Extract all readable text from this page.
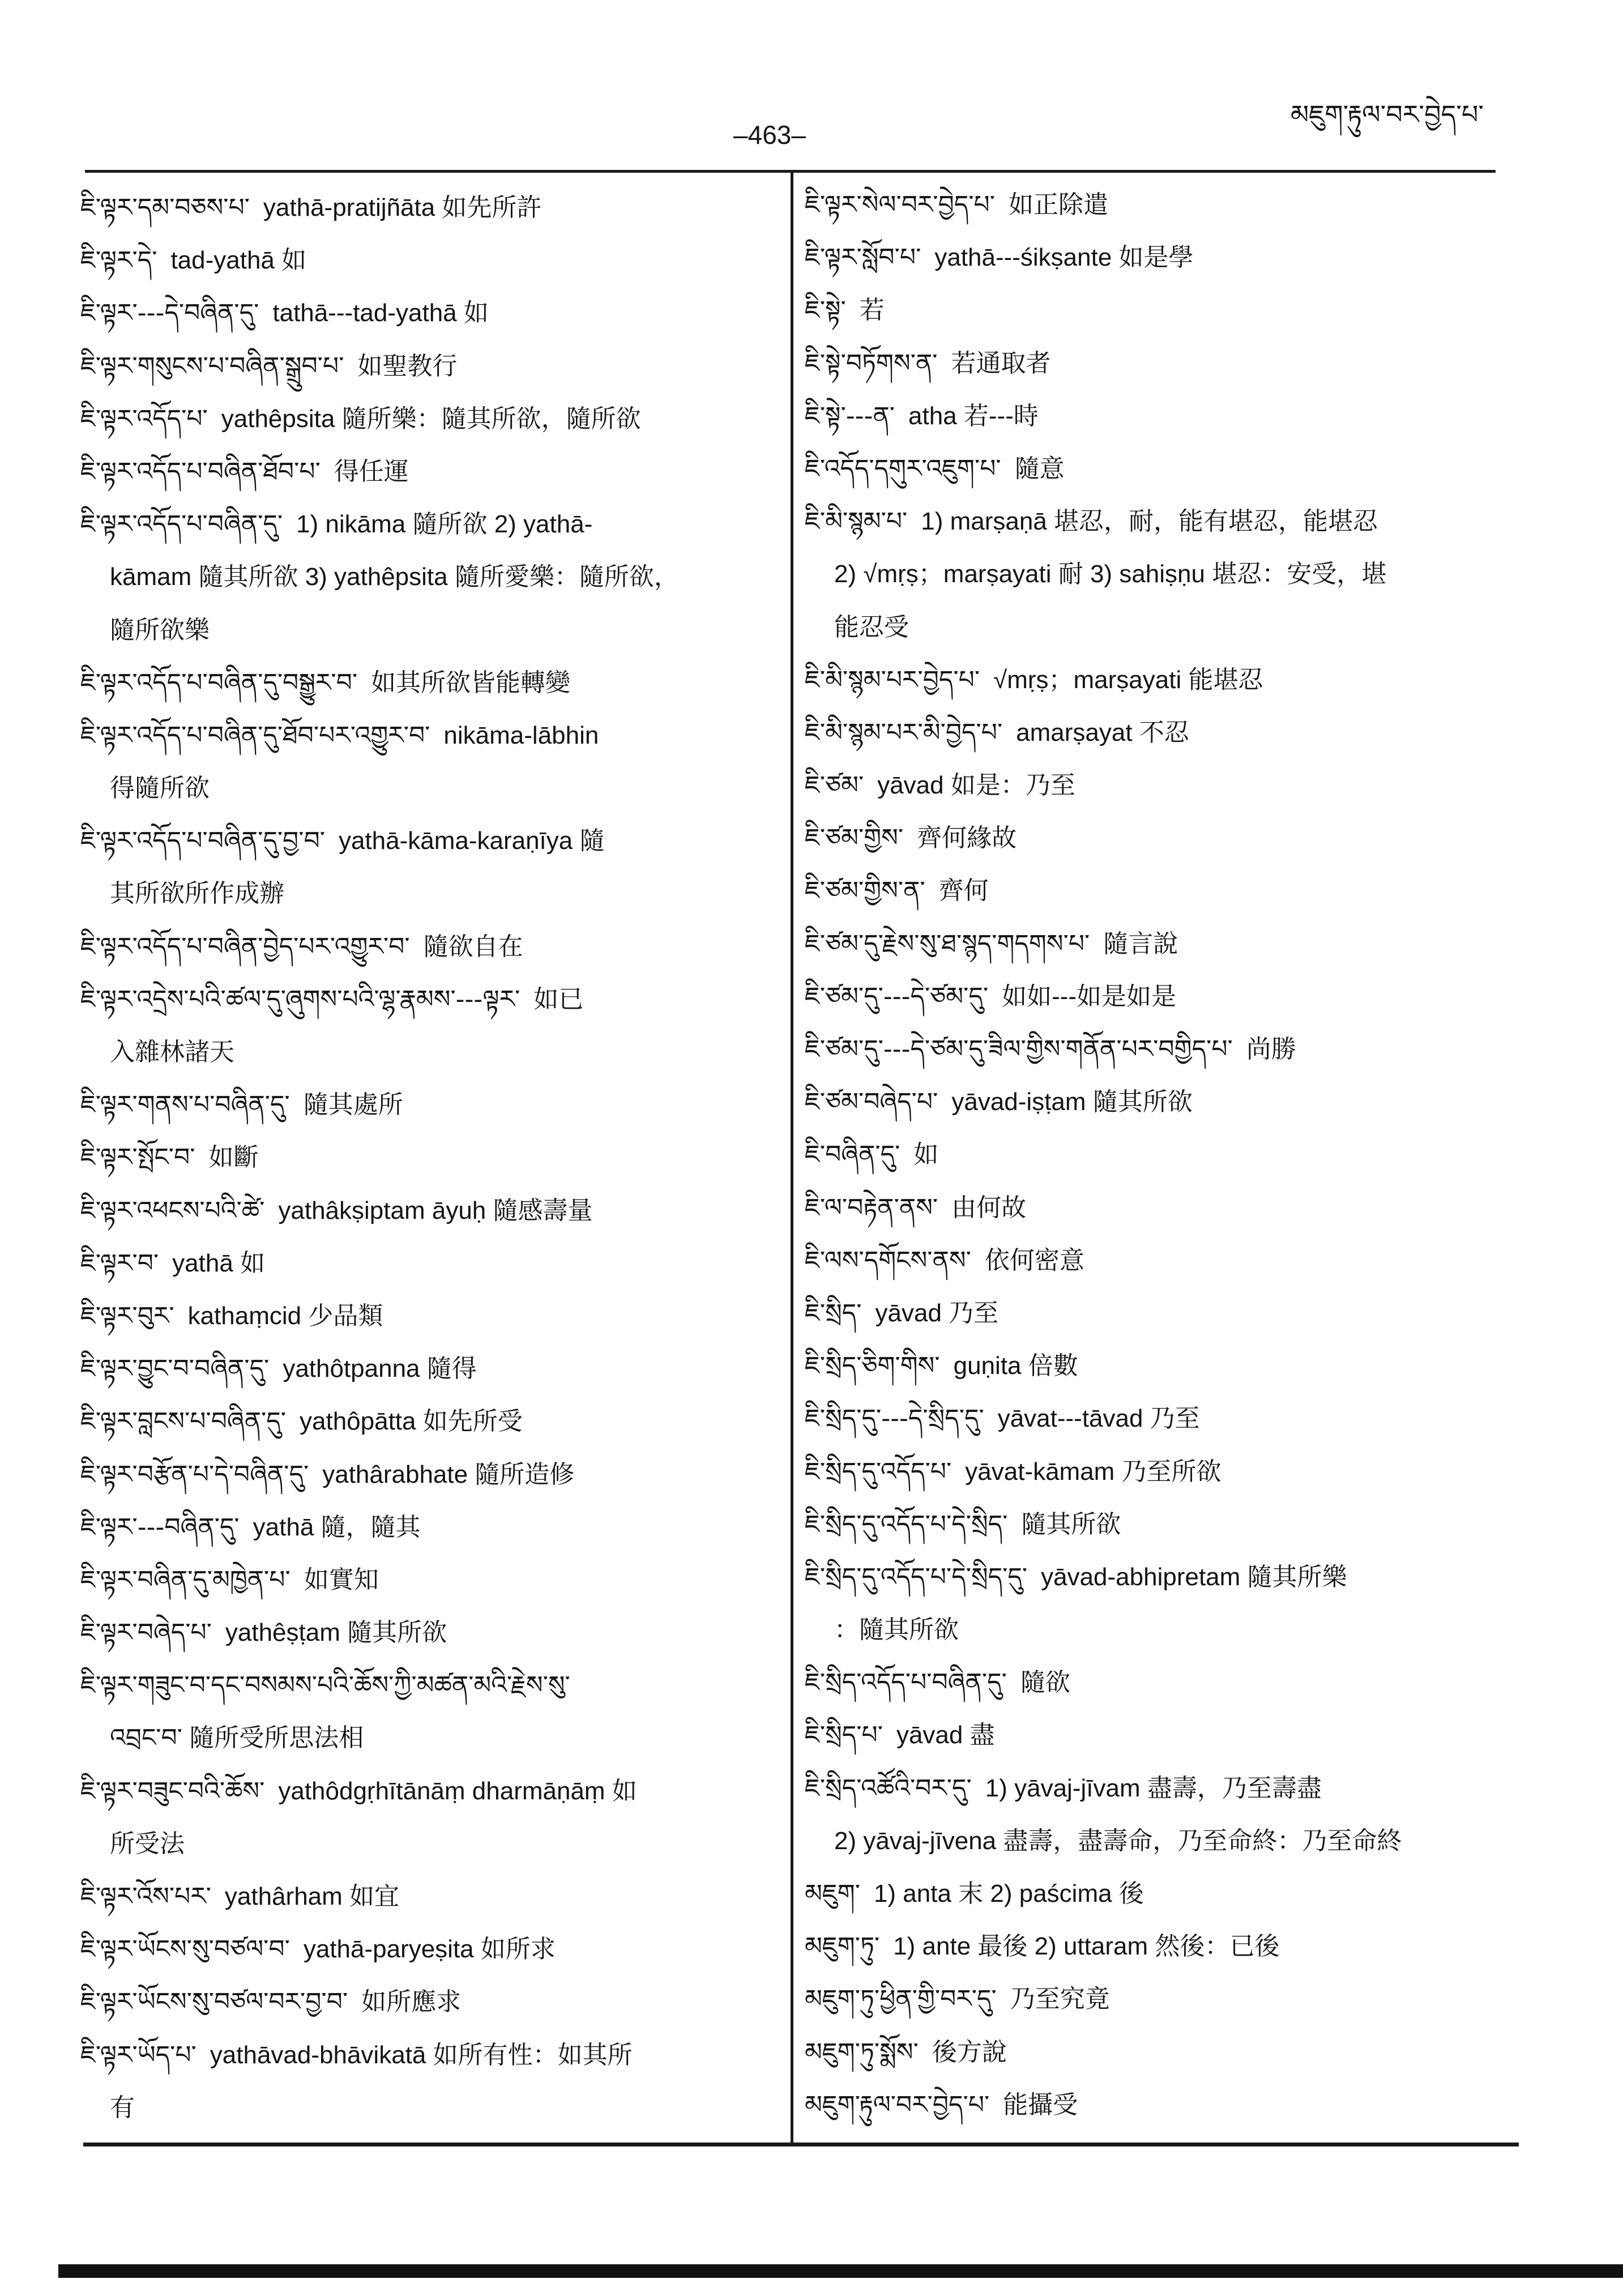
–463–
མཇུག་རྟུལ་བར་བྱེད་པ་
ཇི་ལྟར་དམ་བཅས་པ་ yathā-pratijñāta 如先所許
ཇི་ལྟར་དེ་ tad-yathā 如
ཇི་ལྟར་---དེ་བཞིན་དུ་ tathā---tad-yathā 如
ཇི་ལྟར་གསུངས་པ་བཞིན་སྒྲུབ་པ་ 如聖教行
ཇི་ལྟར་འདོད་པ་ yathêpsita 隨所樂：隨其所欲，隨所欲
ཇི་ལྟར་འདོད་པ་བཞིན་ཐོབ་པ་ 得任運
ཇི་ལྟར་འདོད་པ་བཞིན་དུ་ 1) nikāma 隨所欲 2) yathā-
kāmam 隨其所欲 3) yathêpsita 隨所愛樂：隨所欲，
隨所欲樂
ཇི་ལྟར་འདོད་པ་བཞིན་དུ་བསྒྱུར་བ་ 如其所欲皆能轉變
ཇི་ལྟར་འདོད་པ་བཞིན་དུ་ཐོབ་པར་འགྱུར་བ་ nikāma-lābhin
得隨所欲
ཇི་ལྟར་འདོད་པ་བཞིན་དུ་བྱ་བ་ yathā-kāma-karaṇīya 隨
其所欲所作成辦
ཇི་ལྟར་འདོད་པ་བཞིན་བྱེད་པར་འགྱུར་བ་ 隨欲自在
ཇི་ལྟར་འདྲེས་པའི་ཚལ་དུ་ཞུགས་པའི་ལྷ་རྣམས་---ལྟར་ 如已
入雜林諸天
ཇི་ལྟར་གནས་པ་བཞིན་དུ་ 隨其處所
ཇི་ལྟར་སྤོང་བ་ 如斷
ཇི་ལྟར་འཕངས་པའི་ཚེ་ yathâkṣiptam āyuḥ 隨感壽量
ཇི་ལྟར་བ་ yathā 如
ཇི་ལྟར་བུར་ kathaṃcid 少品類
ཇི་ལྟར་བྱུང་བ་བཞིན་དུ་ yathôtpanna 隨得
ཇི་ལྟར་བླངས་པ་བཞིན་དུ་ yathôpātta 如先所受
ཇི་ལྟར་བརྩོན་པ་དེ་བཞིན་དུ་ yathârabhate 隨所造修
ཇི་ལྟར་---བཞིན་དུ་ yathā 隨，隨其
ཇི་ལྟར་བཞིན་དུ་མཁྱེན་པ་ 如實知
ཇི་ལྟར་བཞེད་པ་ yathêṣṭam 隨其所欲
ཇི་ལྟར་གཟུང་བ་དང་བསམས་པའི་ཆོས་ཀྱི་མཚན་མའི་རྗེས་སུ་
འབྲང་བ་ 隨所受所思法相
ཇི་ལྟར་བཟུང་བའི་ཆོས་ yathôdgṛhītānāṃ dharmāṇāṃ 如
所受法
ཇི་ལྟར་འོས་པར་ yathârham 如宜
ཇི་ལྟར་ཡོངས་སུ་བཙལ་བ་ yathā-paryeṣita 如所求
ཇི་ལྟར་ཡོངས་སུ་བཙལ་བར་བྱ་བ་ 如所應求
ཇི་ལྟར་ཡོད་པ་ yathāvad-bhāvikatā 如所有性：如其所
有
ཇི་ལྟར་སེལ་བར་བྱེད་པ་ 如正除遣
ཇི་ལྟར་སློབ་པ་ yathā---śikṣante 如是學
ཇི་སྟེ་ 若
ཇི་སྟེ་བཏོགས་ན་ 若通取者
ཇི་སྟེ་---ན་ atha 若---時
ཇི་འདོད་དགུར་འཇུག་པ་ 隨意
ཇི་མི་སྙམ་པ་ 1) marṣaṇā 堪忍，耐，能有堪忍，能堪忍
2) √mṛṣ；marṣayati 耐 3) sahiṣṇu 堪忍：安受，堪
能忍受
ཇི་མི་སྙམ་པར་བྱེད་པ་ √mṛṣ；marṣayati 能堪忍
ཇི་མི་སྙམ་པར་མི་བྱེད་པ་ amarṣayat 不忍
ཇི་ཙམ་ yāvad 如是：乃至
ཇི་ཙམ་གྱིས་ 齊何緣故
ཇི་ཙམ་གྱིས་ན་ 齊何
ཇི་ཙམ་དུ་རྗེས་སུ་ཐ་སྙད་གདགས་པ་ 隨言說
ཇི་ཙམ་དུ་---དེ་ཙམ་དུ་ 如如---如是如是
ཇི་ཙམ་དུ་---དེ་ཙམ་དུ་ཟིལ་གྱིས་གནོན་པར་བགྱིད་པ་ 尚勝
ཇི་ཙམ་བཞེད་པ་ yāvad-iṣṭam 隨其所欲
ཇི་བཞིན་དུ་ 如
ཇི་ལ་བརྟེན་ནས་ 由何故
ཇི་ལས་དགོངས་ནས་ 依何密意
ཇི་སྲིད་ yāvad 乃至
ཇི་སྲིད་ཅིག་གིས་ guṇita 倍數
ཇི་སྲིད་དུ་---དེ་སྲིད་དུ་ yāvat---tāvad 乃至
ཇི་སྲིད་དུ་འདོད་པ་ yāvat-kāmam 乃至所欲
ཇི་སྲིད་དུ་འདོད་པ་དེ་སྲིད་ 隨其所欲
ཇི་སྲིད་དུ་འདོད་པ་དེ་སྲིད་དུ་ yāvad-abhipretam 隨其所樂
：隨其所欲
ཇི་སྲིད་འདོད་པ་བཞིན་དུ་ 隨欲
ཇི་སྲིད་པ་ yāvad 盡
ཇི་སྲིད་འཚོའི་བར་དུ་ 1) yāvaj-jīvam 盡壽，乃至壽盡
2) yāvaj-jīvena 盡壽，盡壽命，乃至命終：乃至命終
མཇུག་ 1) anta 末 2) paścima 後
མཇུག་ཏུ་ 1) ante 最後 2) uttaram 然後：已後
མཇུག་ཏུ་ཕྱིན་གྱི་བར་དུ་ 乃至究竟
མཇུག་ཏུ་སྨོས་ 後方說
མཇུག་རྟུལ་བར་བྱེད་པ་ 能攝受
